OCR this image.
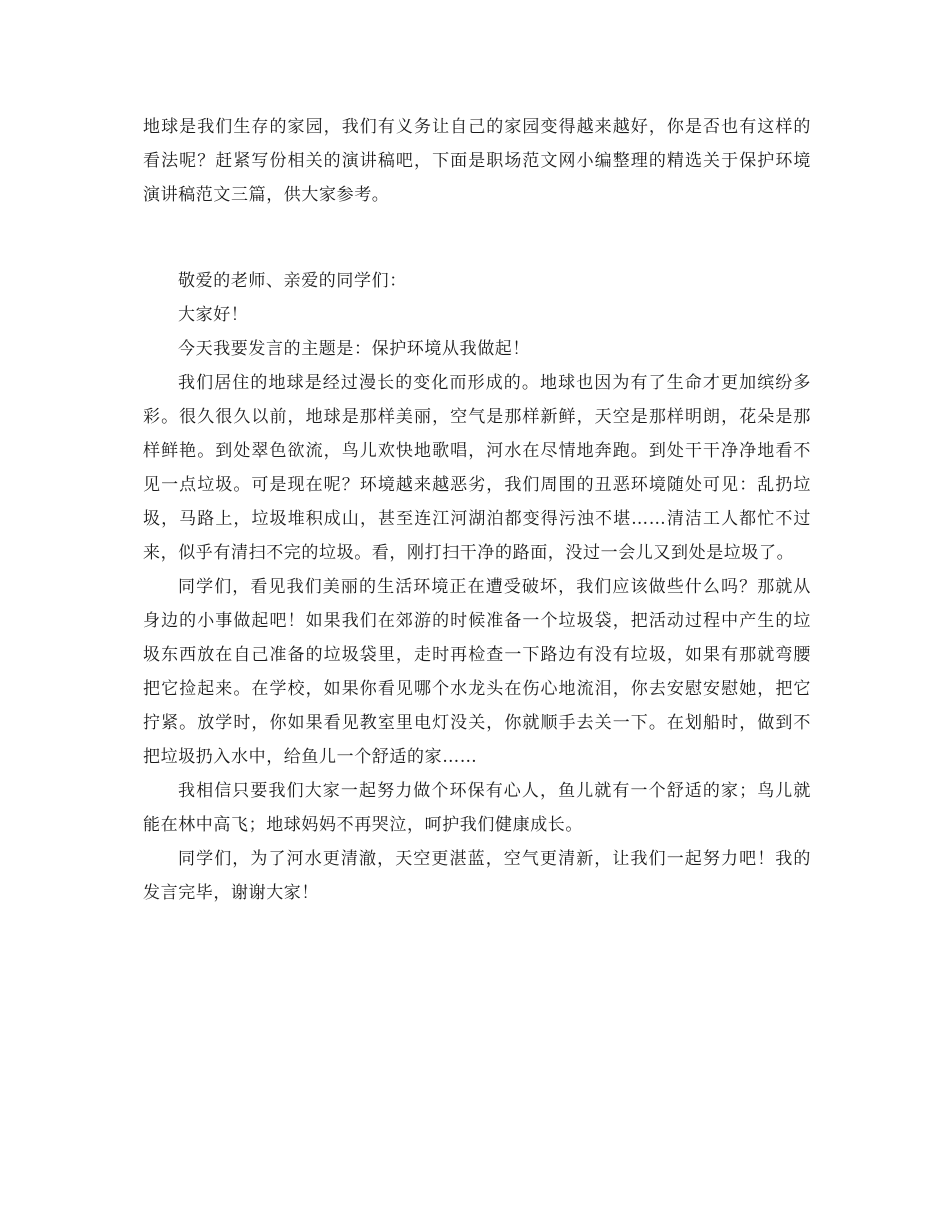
地球是我们生存的家园，我们有义务让自己的家园变得越来越好，你是否也有这样的看法呢？赶紧写份相关的演讲稿吧，下面是职场范文网小编整理的精选关于保护环境演讲稿范文三篇，供大家参考。

敬爱的老师、亲爱的同学们：

大家好！

今天我要发言的主题是：保护环境从我做起！

我们居住的地球是经过漫长的变化而形成的。地球也因为有了生命才更加缤纷多彩。很久很久以前，地球是那样美丽，空气是那样新鲜，天空是那样明朗，花朵是那样鲜艳。到处翠色欲流，鸟儿欢快地歌唱，河水在尽情地奔跑。到处干干净净地看不见一点垃圾。可是现在呢？环境越来越恶劣，我们周围的丑恶环境随处可见：乱扔垃圾，马路上，垃圾堆积成山，甚至连江河湖泊都变得污浊不堪……清洁工人都忙不过来，似乎有清扫不完的垃圾。看，刚打扫干净的路面，没过一会儿又到处是垃圾了。

同学们，看见我们美丽的生活环境正在遭受破坏，我们应该做些什么吗？那就从身边的小事做起吧！如果我们在郊游的时候准备一个垃圾袋，把活动过程中产生的垃圾东西放在自己准备的垃圾袋里，走时再检查一下路边有没有垃圾，如果有那就弯腰把它捡起来。在学校，如果你看见哪个水龙头在伤心地流泪，你去安慰安慰她，把它拧紧。放学时，你如果看见教室里电灯没关，你就顺手去关一下。在划船时，做到不把垃圾扔入水中，给鱼儿一个舒适的家……

我相信只要我们大家一起努力做个环保有心人，鱼儿就有一个舒适的家；鸟儿就能在林中高飞；地球妈妈不再哭泣，呵护我们健康成长。

同学们，为了河水更清澈，天空更湛蓝，空气更清新，让我们一起努力吧！我的发言完毕，谢谢大家！
